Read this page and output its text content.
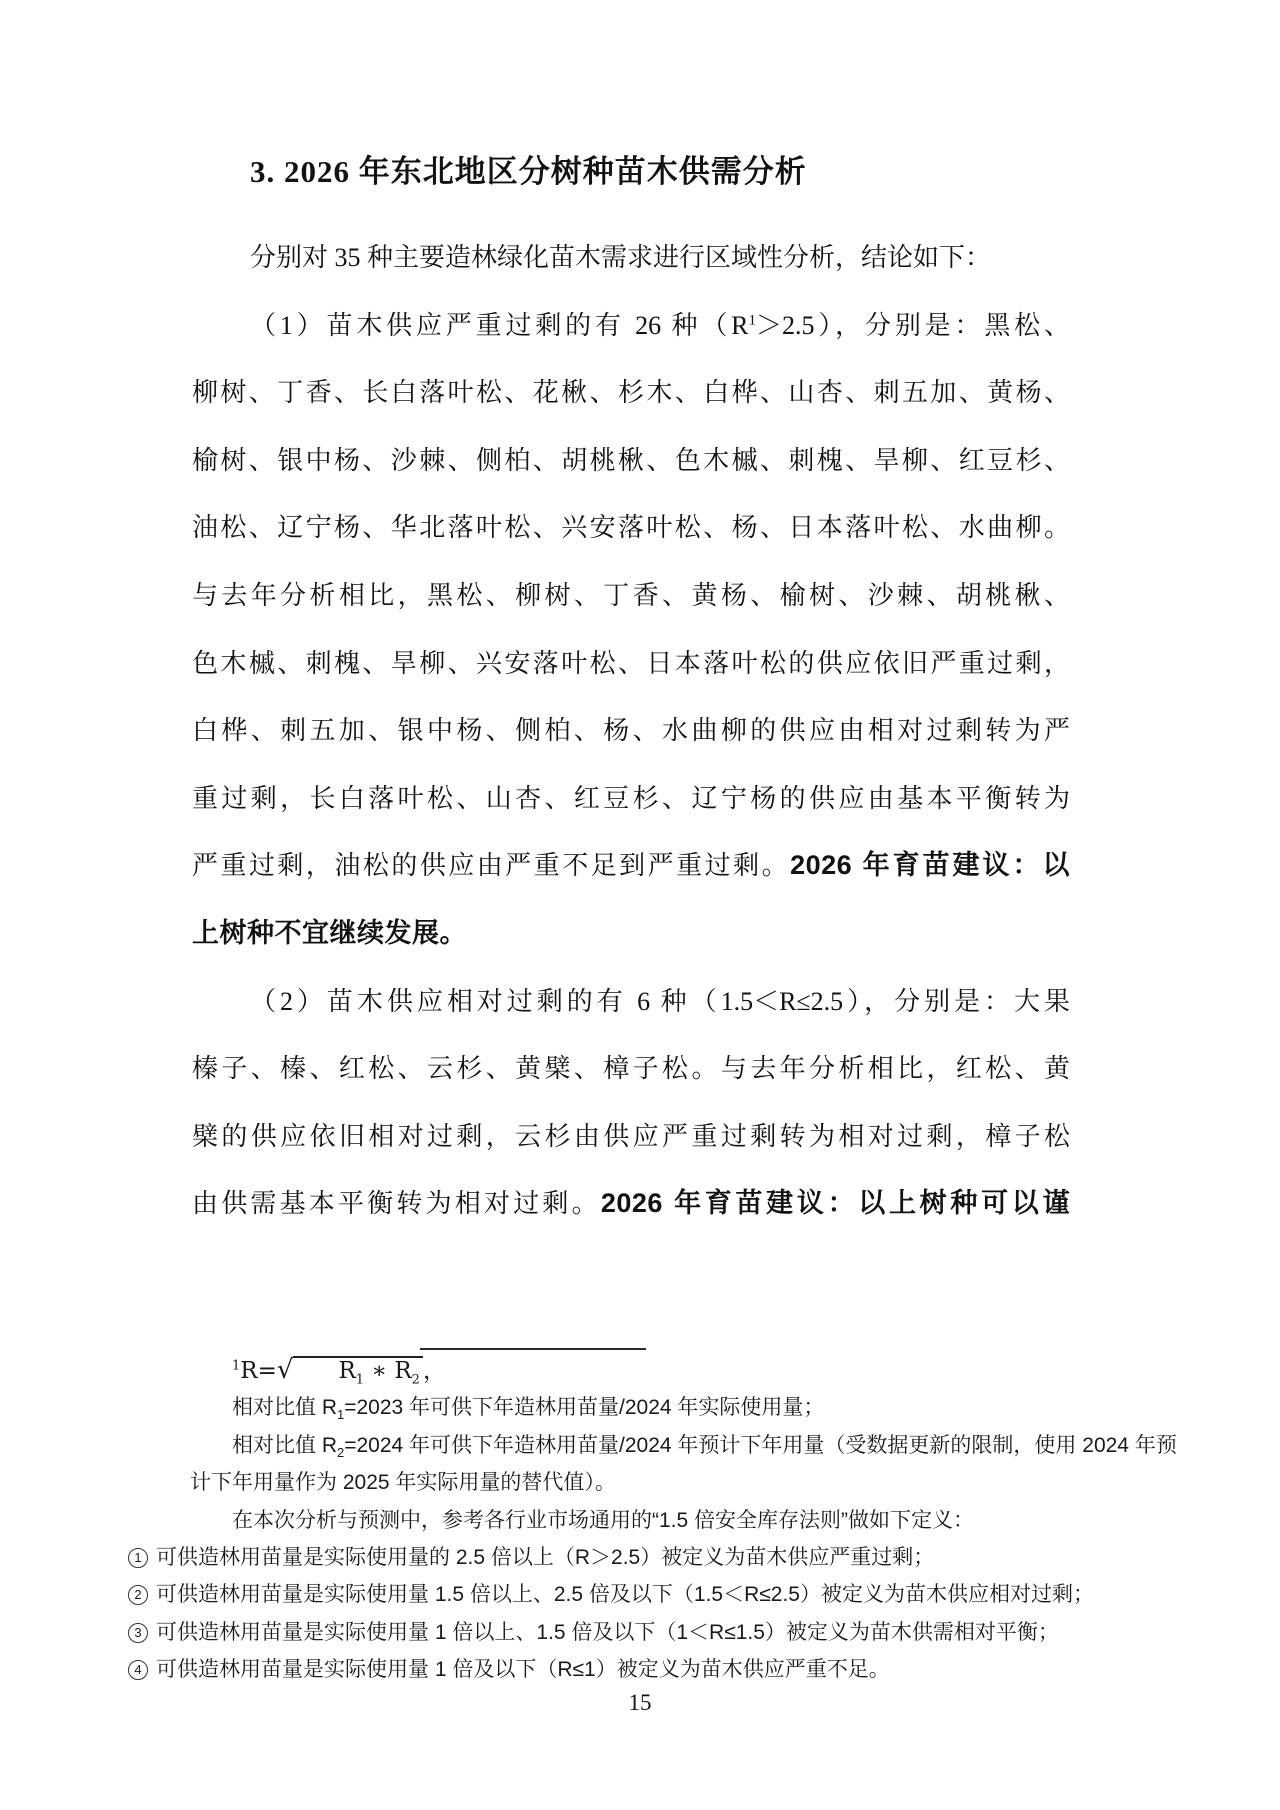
3. 2026 年东北地区分树种苗木供需分析
分别对 35 种主要造林绿化苗木需求进行区域性分析，结论如下：
（1）苗木供应严重过剩的有 26 种$(R^1>2.5)$，分别是：黑松、
柳树、丁香、长白落叶松、花楸、杉木、白桦、山杏、刺五加、黄杨、
榆树、银中杨、沙棘、侧柏、胡桃楸、色木槭、刺槐、旱柳、红豆杉、
油松、辽宁杨、华北落叶松、兴安落叶松、杨、日本落叶松、水曲柳。
与去年分析相比，黑松、柳树、丁香、黄杨、榆树、沙棘、胡桃楸、
色木槭、刺槐、旱柳、兴安落叶松、日本落叶松的供应依旧严重过剩，
白桦、刺五加、银中杨、侧柏、杨、水曲柳的供应由相对过剩转为严
重过剩，长白落叶松、山杏、红豆杉、辽宁杨的供应由基本平衡转为
严重过剩，油松的供应由严重不足到严重过剩。2026 年育苗建议：以
上树种不宜继续发展。
（2）苗木供应相对过剩的有 6 种（1.5＜R≤2.5），分别是：大果
榛子、榛、红松、云杉、黄檗、樟子松。与去年分析相比，红松、黄
檗的供应依旧相对过剩，云杉由供应严重过剩转为相对过剩，樟子松
由供需基本平衡转为相对过剩。2026 年育苗建议：以上树种可以谨
$^1$R=√ $R_1$ ∗ $R_2$ ，
相对比值 $R_1=2023$ 年可供下年造林用苗量/2024 年实际使用量；
相对比值 $R_2=2024$ 年可供下年造林用苗量/2024 年预计下年用量（受数据更新的限制，使用 2024 年预
计下年用量作为 2025 年实际用量的替代值）。
在本次分析与预测中，参考各行业市场通用的“1.5 倍安全库存法则”做如下定义：
1 可供造林用苗量是实际使用量的 2.5 倍以上（R＞2.5）被定义为苗木供应严重过剩；
2 可供造林用苗量是实际使用量 1.5 倍以上、2.5 倍及以下（1.5＜R≤2.5）被定义为苗木供应相对过剩；
3 可供造林用苗量是实际使用量 1 倍以上、1.5 倍及以下（1＜R≤1.5）被定义为苗木供需相对平衡；
4 可供造林用苗量是实际使用量 1 倍及以下（R≤1）被定义为苗木供应严重不足。
15
